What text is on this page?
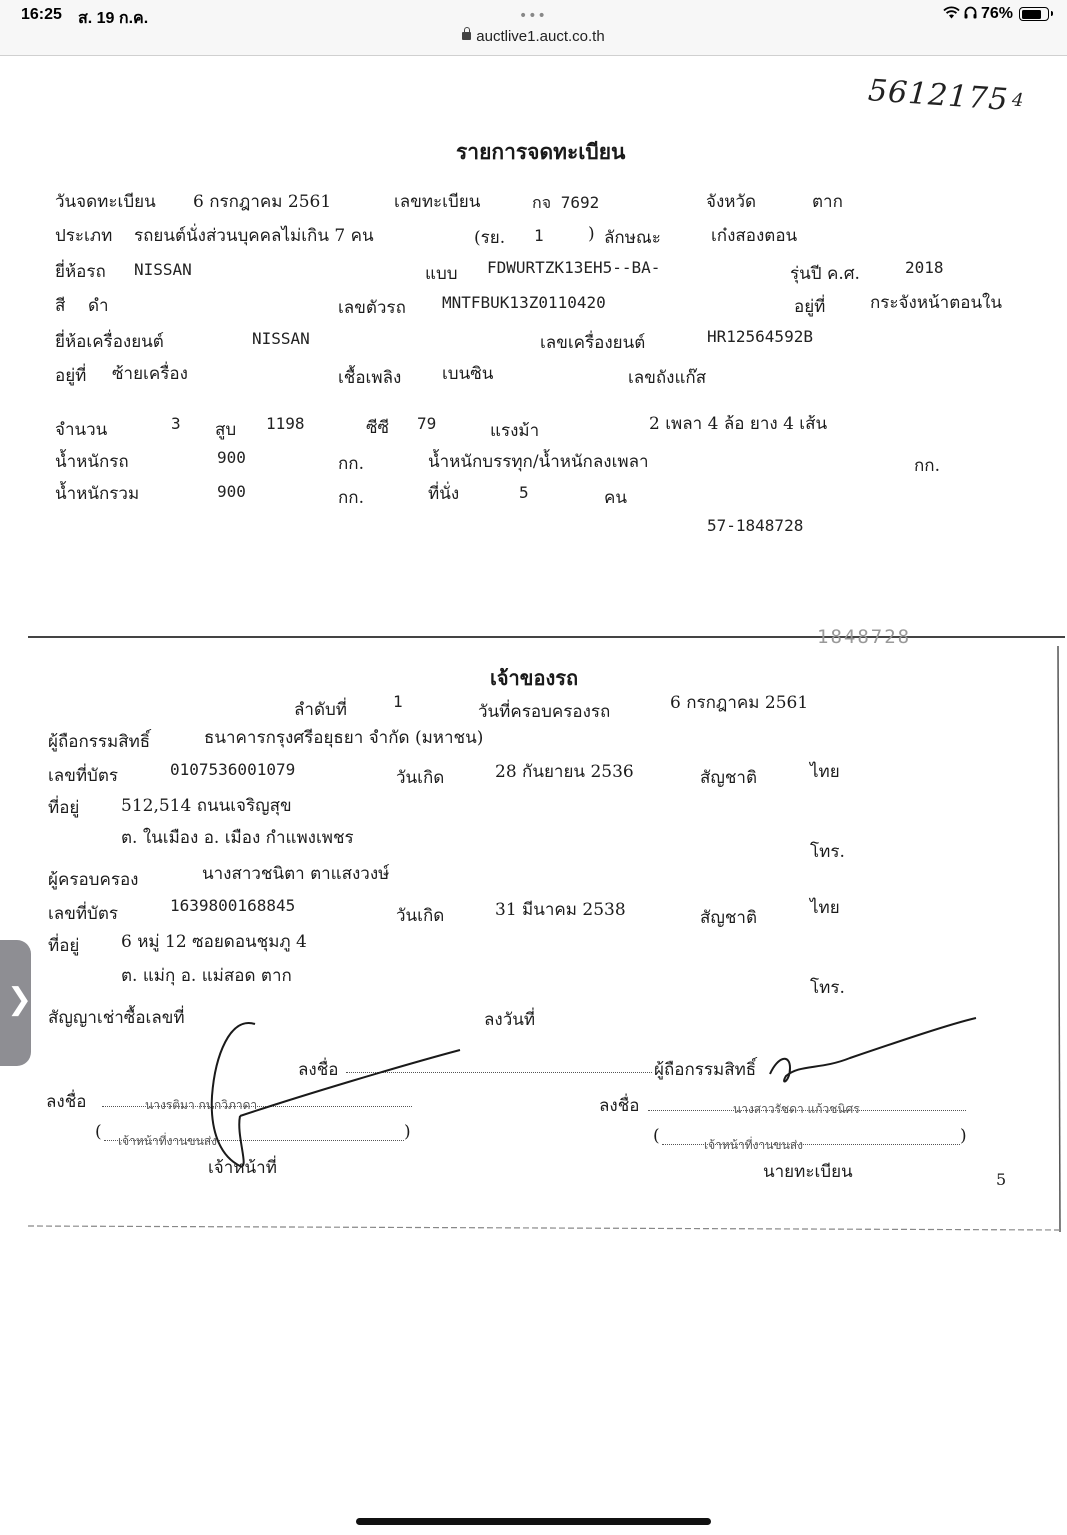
16:25 ส. 19 ก.ค.	•••	76%
auctlive1.auct.co.th
5612175 4
รายการจดทะเบียน
วันจดทะเบียน 6 กรกฎาคม 2561	เลขทะเบียน	กจ 7692	จังหวัด	ตาก
ประเภท รถยนต์นั่งส่วนบุคคลไม่เกิน 7 คน	(รย. 1	) ลักษณะ	เก๋งสองตอน
ยี่ห้อรถ NISSAN	แบบ FDWURTZK13EH5--BA-	รุ่นปี ค.ศ.	2018
สี ดำ	เลขตัวรถ MNTFBUK13Z0110420	อยู่ที่	กระจังหน้าตอนใน
ยี่ห้อเครื่องยนต์	NISSAN	เลขเครื่องยนต์	HR12564592B
อยู่ที่ ซ้ายเครื่อง	เชื้อเพลิง เบนซิน	เลขถังแก๊ส
จำนวน	3 สูบ 1198	ซีซี 79	แรงม้า	2 เพลา 4 ล้อ ยาง 4 เส้น
น้ำหนักรถ	900	กก.	น้ำหนักบรรทุก/น้ำหนักลงเพลา	กก.
น้ำหนักรวม	900	กก.	ที่นั่ง	5	คน
57-1848728
1848728
เจ้าของรถ
ลำดับที่	1
วันที่ครอบครองรถ	6 กรกฎาคม 2561
ผู้ถือกรรมสิทธิ์	ธนาคารกรุงศรีอยุธยา จำกัด (มหาชน)
เลขที่บัตร	0107536001079	วันเกิด	28 กันยายน 2536	สัญชาติ	ไทย
ที่อยู่ 512,514 ถนนเจริญสุข
ต. ในเมือง อ. เมือง กำแพงเพชร
โทร.
ผู้ครอบครอง	นางสาวชนิตา ตาแสงวงษ์
เลขที่บัตร	1639800168845
วันเกิด	31 มีนาคม 2538	สัญชาติ	ไทย
ที่อยู่ 6 หมู่ 12 ซอยดอนชุมภู 4
ต. แม่กุ อ. แม่สอด ตาก
โทร.
สัญญาเช่าซื้อเลขที่	ลงวันที่
ลงชื่อ	ผู้ถือกรรมสิทธิ์
ลงชื่อ	นางรติมา กนกวิภาดา
( เจ้าหน้าที่งานขนส่ง	)
เจ้าหน้าที่
ลงชื่อ	นางสาวรัชดา แก้วชนิศร
(	เจ้าหน้าที่งานขนส่ง	)
นายทะเบียน	5
❯
